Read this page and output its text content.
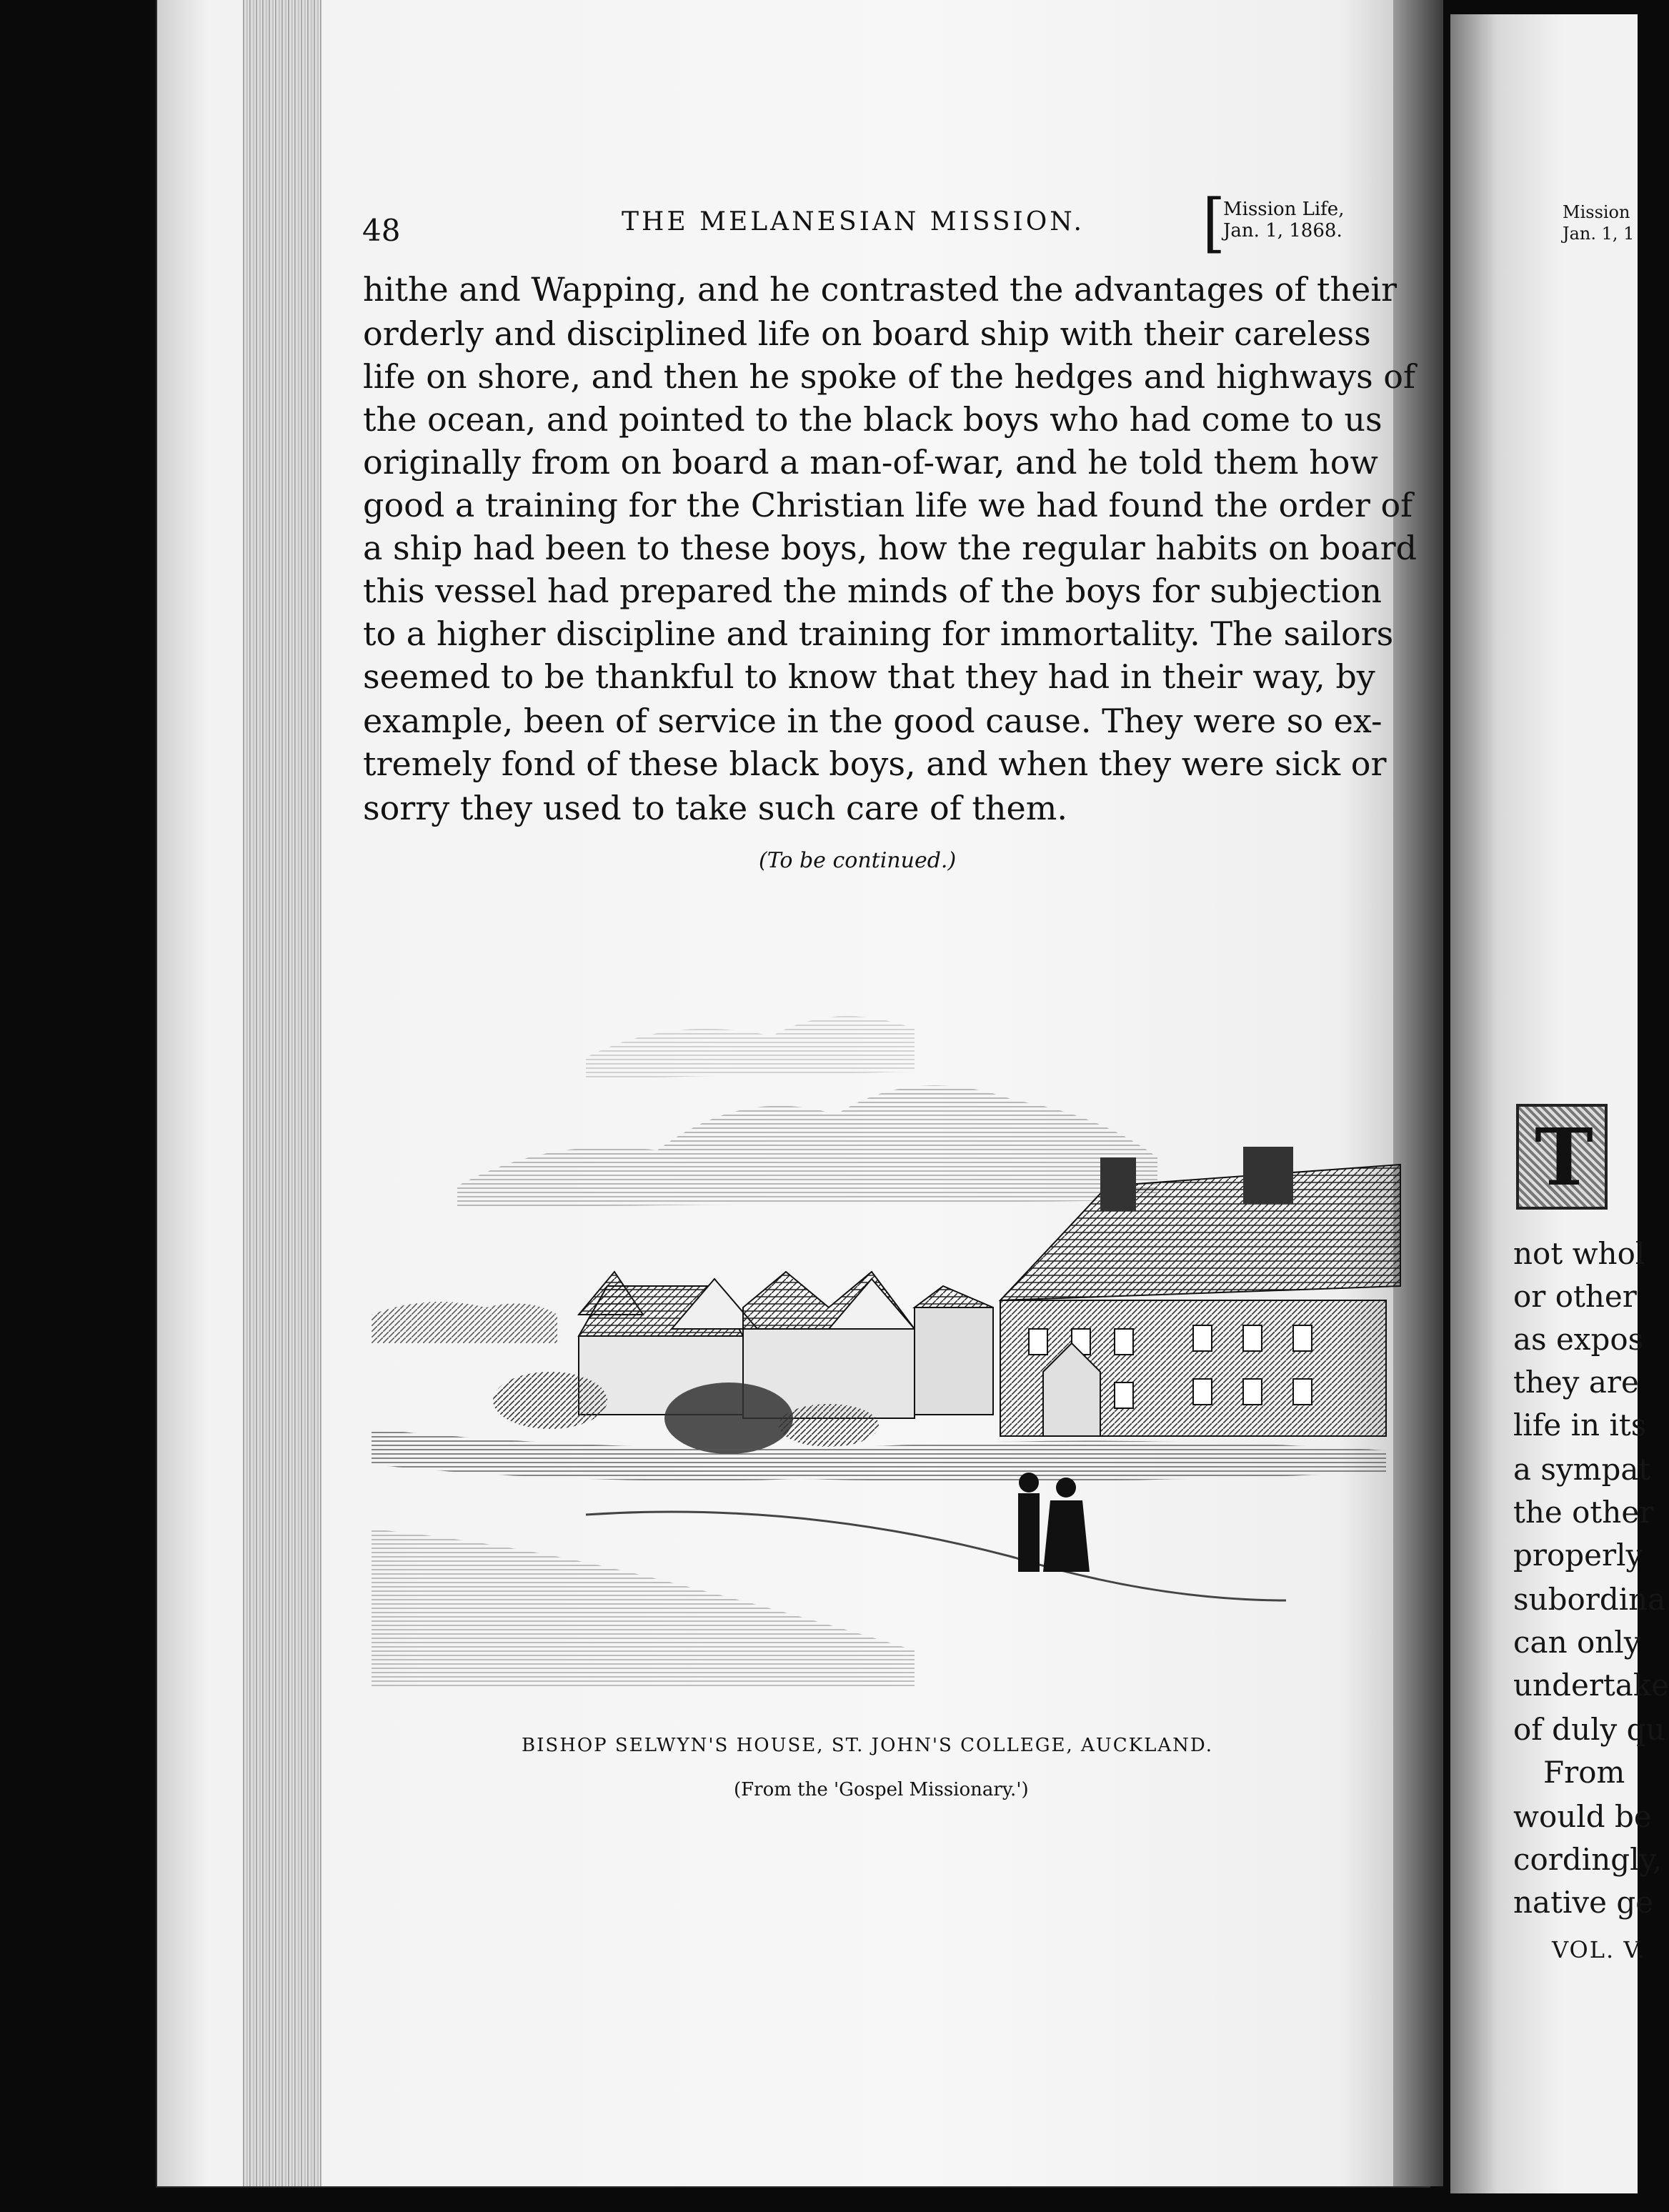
48	THE MELANESIAN MISSION. [
Mission Life,
Jan. 1, 1868.
hithe and Wapping, and he contrasted the advantages of their
orderly and disciplined life on board ship with their careless
life on shore, and then he spoke of the hedges and highways of
the ocean, and pointed to the black boys who had come to us
originally from on board a man-of-war, and he told them how
good a training for the Christian life we had found the order of
a ship had been to these boys, how the regular habits on board
this vessel had prepared the minds of the boys for subjection
to a higher discipline and training for immortality. The sailors
seemed to be thankful to know that they had in their way, by
example, been of service in the good cause. They were so ex-
tremely fond of these black boys, and when they were sick or
sorry they used to take such care of them.
(To be continued.)
BISHOP SELWYN'S HOUSE, ST. JOHN'S COLLEGE, AUCKLAND.
(From the 'Gospel Missionary.')
Mission
Jan. 1, 1
T
not whol
or other
as expos
they are
life in its
a sympat
the other
properly
subordina
can only
undertake
of duly qu
From
would be
cordingly,
native ge
VOL. V.
